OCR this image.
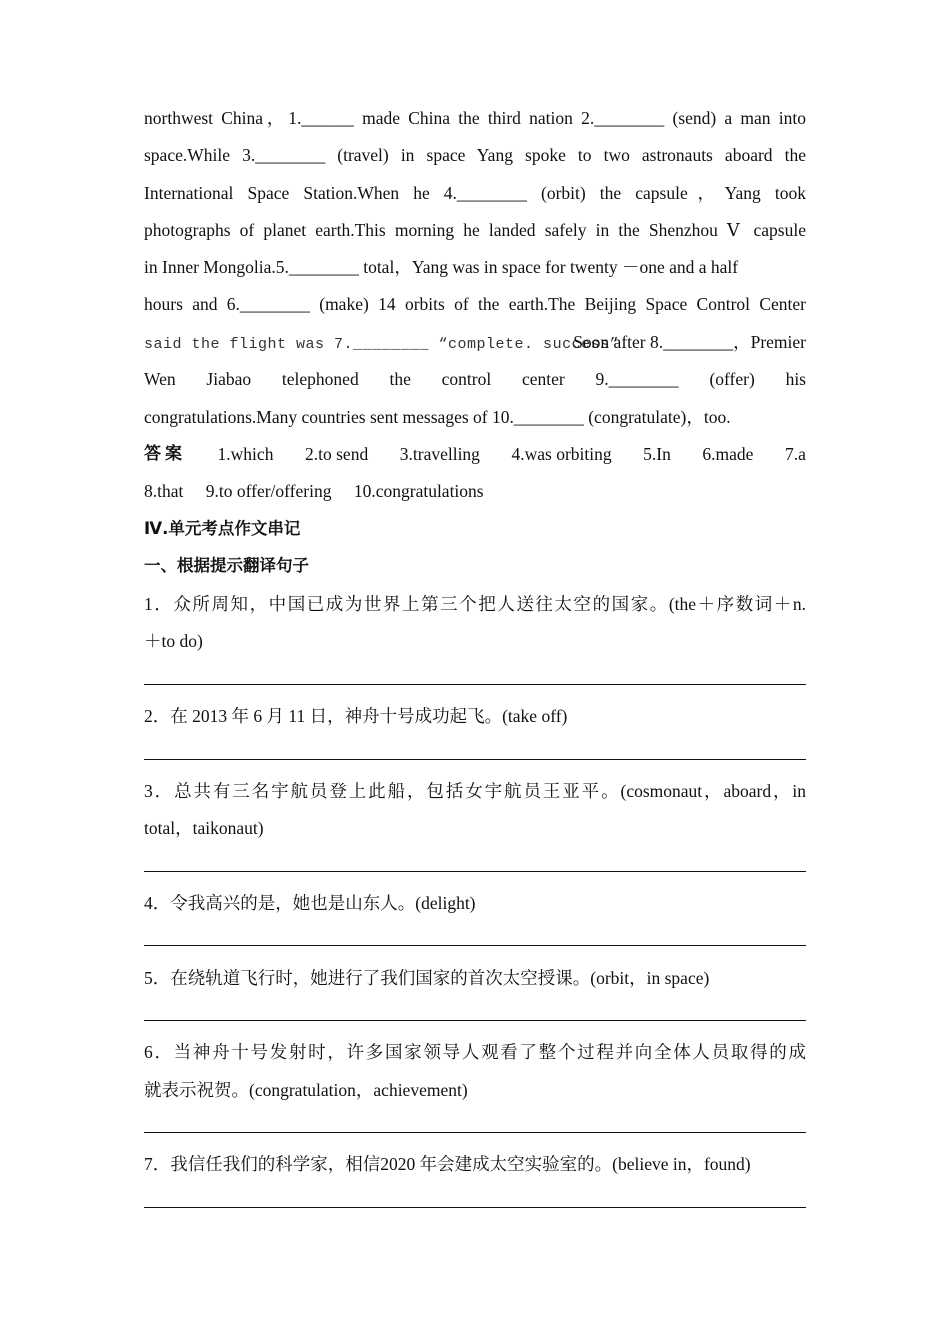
northwest China，1.______ made China the third nation 2.________ (send) a man into
space.While 3.________ (travel) in space Yang spoke to two astronauts aboard the
International Space Station.When he 4.________ (orbit) the capsule，Yang took
photographs of planet earth.This morning he landed safely in the Shenzhou Ⅴ capsule
in Inner Mongolia.5.________ total，Yang was in space for twenty －one and a half
hours and 6.________ (make) 14 orbits of the earth.The Beijing Space Control Center
said the flight was 7.________ “complete. success”
Soon after 8.________，Premier
Wen Jiabao telephoned the control center 9.________ (offer) his
congratulations.Many countries sent messages of 10.________ (congratulate)，too.
答案 1.which 2.to send 3.travelling 4.was orbiting 5.In 6.made 7.a
8.that 9.to offer/offering 10.congratulations
Ⅳ.单元考点作文串记
一、根据提示翻译句子
1．众所周知，中国已成为世界上第三个把人送往太空的国家。(the＋序数词＋n.
＋to do)
2．在 2013 年 6 月 11 日，神舟十号成功起飞。(take off)
3．总共有三名宇航员登上此船，包括女宇航员王亚平。(cosmonaut，aboard，in
total，taikonaut)
4．令我高兴的是，她也是山东人。(delight)
5．在绕轨道飞行时，她进行了我们国家的首次太空授课。(orbit，in space)
6．当神舟十号发射时，许多国家领导人观看了整个过程并向全体人员取得的成
就表示祝贺。(congratulation，achievement)
7．我信任我们的科学家，相信2020 年会建成太空实验室的。(believe in，found)
